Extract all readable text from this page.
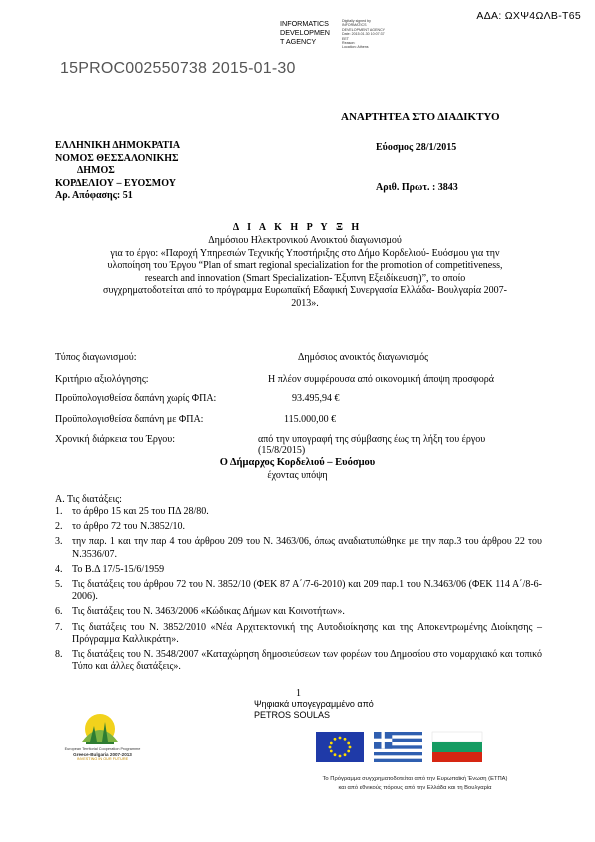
ΑΔΑ: ΩΧΨ4ΩΛΒ-Τ65
INFORMATICS
DEVELOPMEN
T AGENCY
Digitally signed by
INFORMATICS
DEVELOPMENT AGENCY
Date: 2015.01.30 10:07:37
EET
Reason:
Location: Athens
15PROC002550738 2015-01-30
ΑΝΑΡΤΗΤΕΑ ΣΤΟ ΔΙΑΔΙΚΤΥΟ
ΕΛΛΗΝΙΚΗ ΔΗΜΟΚΡΑΤΙΑ
ΝΟΜΟΣ ΘΕΣΣΑΛΟΝΙΚΗΣ
ΔΗΜΟΣ
ΚΟΡΔΕΛΙΟΥ – ΕΥΟΣΜΟΥ
Αρ. Απόφασης: 51
Εύοσμος 28/1/2015
Αριθ. Πρωτ. : 3843
Δ Ι Α Κ Η Ρ Υ Ξ Η
Δημόσιου Ηλεκτρονικού Ανοικτού διαγωνισμού
για το έργο: «Παροχή Υπηρεσιών Τεχνικής Υποστήριξης στο Δήμο Κορδελιού- Ευόσμου για την
υλοποίηση του Έργου “Plan of smart regional specialization for the promotion of competitiveness,
research and innovation (Smart Specialization- Έξυπνη Εξειδίκευση)”, το οποίο
συγχρηματοδοτείται από το πρόγραμμα Ευρωπαϊκή Εδαφική Συνεργασία Ελλάδα- Βουλγαρία 2007-
2013».
Τύπος διαγωνισμού:	Δημόσιος ανοικτός διαγωνισμός
Κριτήριο αξιολόγησης:	Η πλέον συμφέρουσα από οικονομική άποψη προσφορά
Προϋπολογισθείσα δαπάνη χωρίς ΦΠΑ:	93.495,94 €
Προϋπολογισθείσα δαπάνη με ΦΠΑ:	115.000,00 €
Χρονική διάρκεια του Έργου:	από την υπογραφή της σύμβασης έως τη λήξη του έργου
(15/8/2015)
Ο Δήμαρχος Κορδελιού – Ευόσμου
έχοντας υπόψη
Α. Τις διατάξεις:
1. το άρθρο 15 και 25 του ΠΔ 28/80.
2. το άρθρο 72 του Ν.3852/10.
3. την παρ. 1 και την παρ 4 του άρθρου 209 του Ν. 3463/06, όπως αναδιατυπώθηκε με την παρ.3 του άρθρου 22 του Ν.3536/07.
4. Το Β.Δ 17/5-15/6/1959
5. Τις διατάξεις του άρθρου 72 του Ν. 3852/10 (ΦΕΚ 87 Α΄/7-6-2010) και 209 παρ.1 του Ν.3463/06 (ΦΕΚ 114 Α΄/8-6-2006).
6. Τις διατάξεις του Ν. 3463/2006 «Κώδικας Δήμων και Κοινοτήτων».
7. Τις διατάξεις του Ν. 3852/2010 «Νέα Αρχιτεκτονική της Αυτοδιοίκησης και της Αποκεντρωμένης Διοίκησης – Πρόγραμμα Καλλικράτη».
8. Τις διατάξεις του Ν. 3548/2007 «Καταχώρηση δημοσιεύσεων των φορέων του Δημοσίου στο νομαρχιακό και τοπικό Τύπο και άλλες διατάξεις».
1
Ψηφιακά υπογεγραμμένο από
PETROS SOULAS
European Territorial Cooperation Programme
Greece-Bulgaria 2007-2013
INVESTING IN OUR FUTURE
Το Πρόγραμμα συγχρηματοδοτείται από την Ευρωπαϊκή Ένωση (ΕΤΠΑ)
και από εθνικούς πόρους από την Ελλάδα και τη Βουλγαρία
